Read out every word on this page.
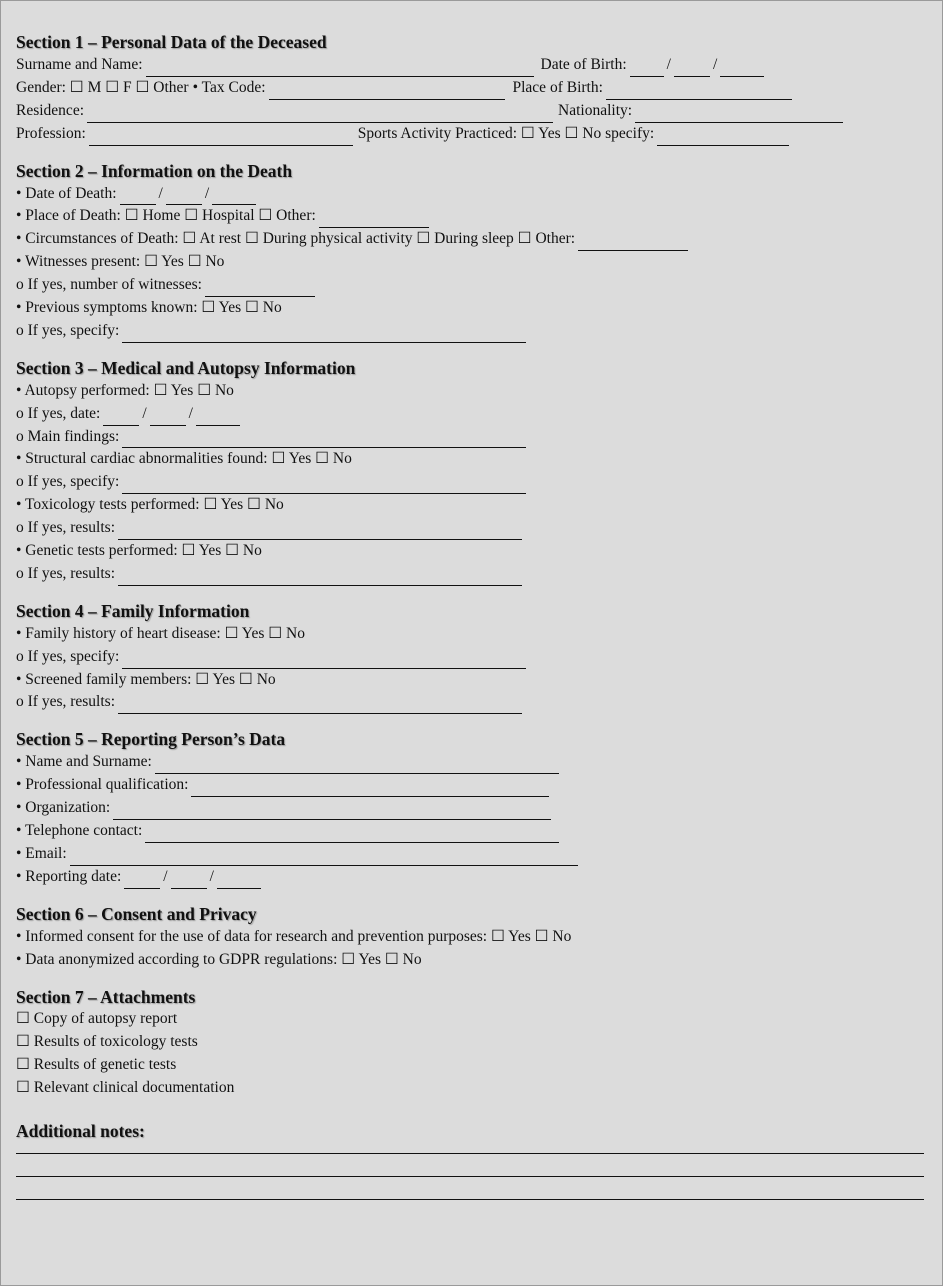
Section 1 – Personal Data of the Deceased
Surname and Name:	Date of Birth:	/	/
Gender: ☐ M ☐ F ☐ Other • Tax Code:	Place of Birth:
Residence:	Nationality:
Profession:	Sports Activity Practiced: ☐ Yes ☐ No specify:
Section 2 – Information on the Death
• Date of Death:	/	/
• Place of Death: ☐ Home ☐ Hospital ☐ Other:
• Circumstances of Death: ☐ At rest ☐ During physical activity ☐ During sleep ☐ Other:
• Witnesses present: ☐ Yes ☐ No
o If yes, number of witnesses:
• Previous symptoms known: ☐ Yes ☐ No
o If yes, specify:
Section 3 – Medical and Autopsy Information
• Autopsy performed: ☐ Yes ☐ No
o If yes, date:	/	/
o Main findings:
• Structural cardiac abnormalities found: ☐ Yes ☐ No
o If yes, specify:
• Toxicology tests performed: ☐ Yes ☐ No
o If yes, results:
• Genetic tests performed: ☐ Yes ☐ No
o If yes, results:
Section 4 – Family Information
• Family history of heart disease: ☐ Yes ☐ No
o If yes, specify:
• Screened family members: ☐ Yes ☐ No
o If yes, results:
Section 5 – Reporting Person’s Data
• Name and Surname:
• Professional qualification:
• Organization:
• Telephone contact:
• Email:
• Reporting date:	/	/
Section 6 – Consent and Privacy
• Informed consent for the use of data for research and prevention purposes: ☐ Yes ☐ No
• Data anonymized according to GDPR regulations: ☐ Yes ☐ No
Section 7 – Attachments
☐ Copy of autopsy report
☐ Results of toxicology tests
☐ Results of genetic tests
☐ Relevant clinical documentation
Additional notes:
